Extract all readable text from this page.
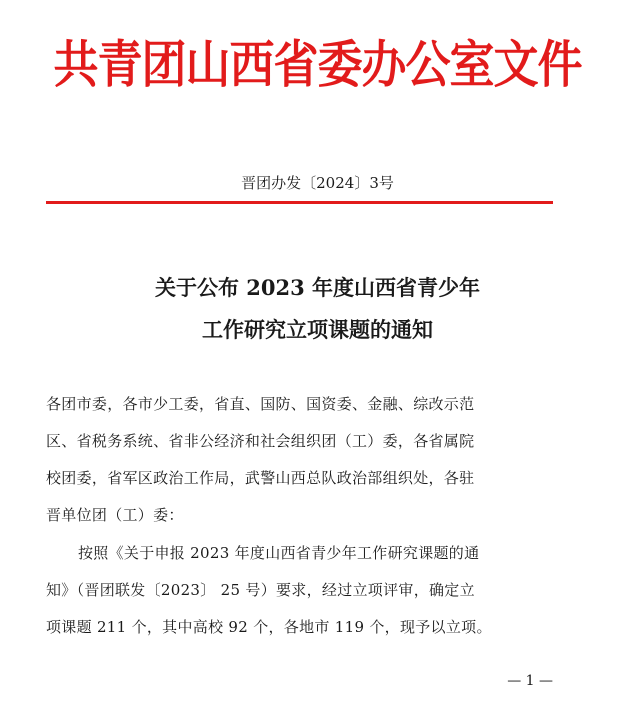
共青团山西省委办公室文件
晋团办发〔2024〕3号
关于公布 2023 年度山西省青少年
工作研究立项课题的通知
各团市委，各市少工委，省直、国防、国资委、金融、综改示范
区、省税务系统、省非公经济和社会组织团（工）委，各省属院
校团委，省军区政治工作局，武警山西总队政治部组织处，各驻
晋单位团（工）委：
按照《关于申报 2023 年度山西省青少年工作研究课题的通
知》（晋团联发〔2023〕 25 号）要求，经过立项评审，确定立
项课题 211 个，其中高校 92 个，各地市 119 个，现予以立项。
— 1 —
